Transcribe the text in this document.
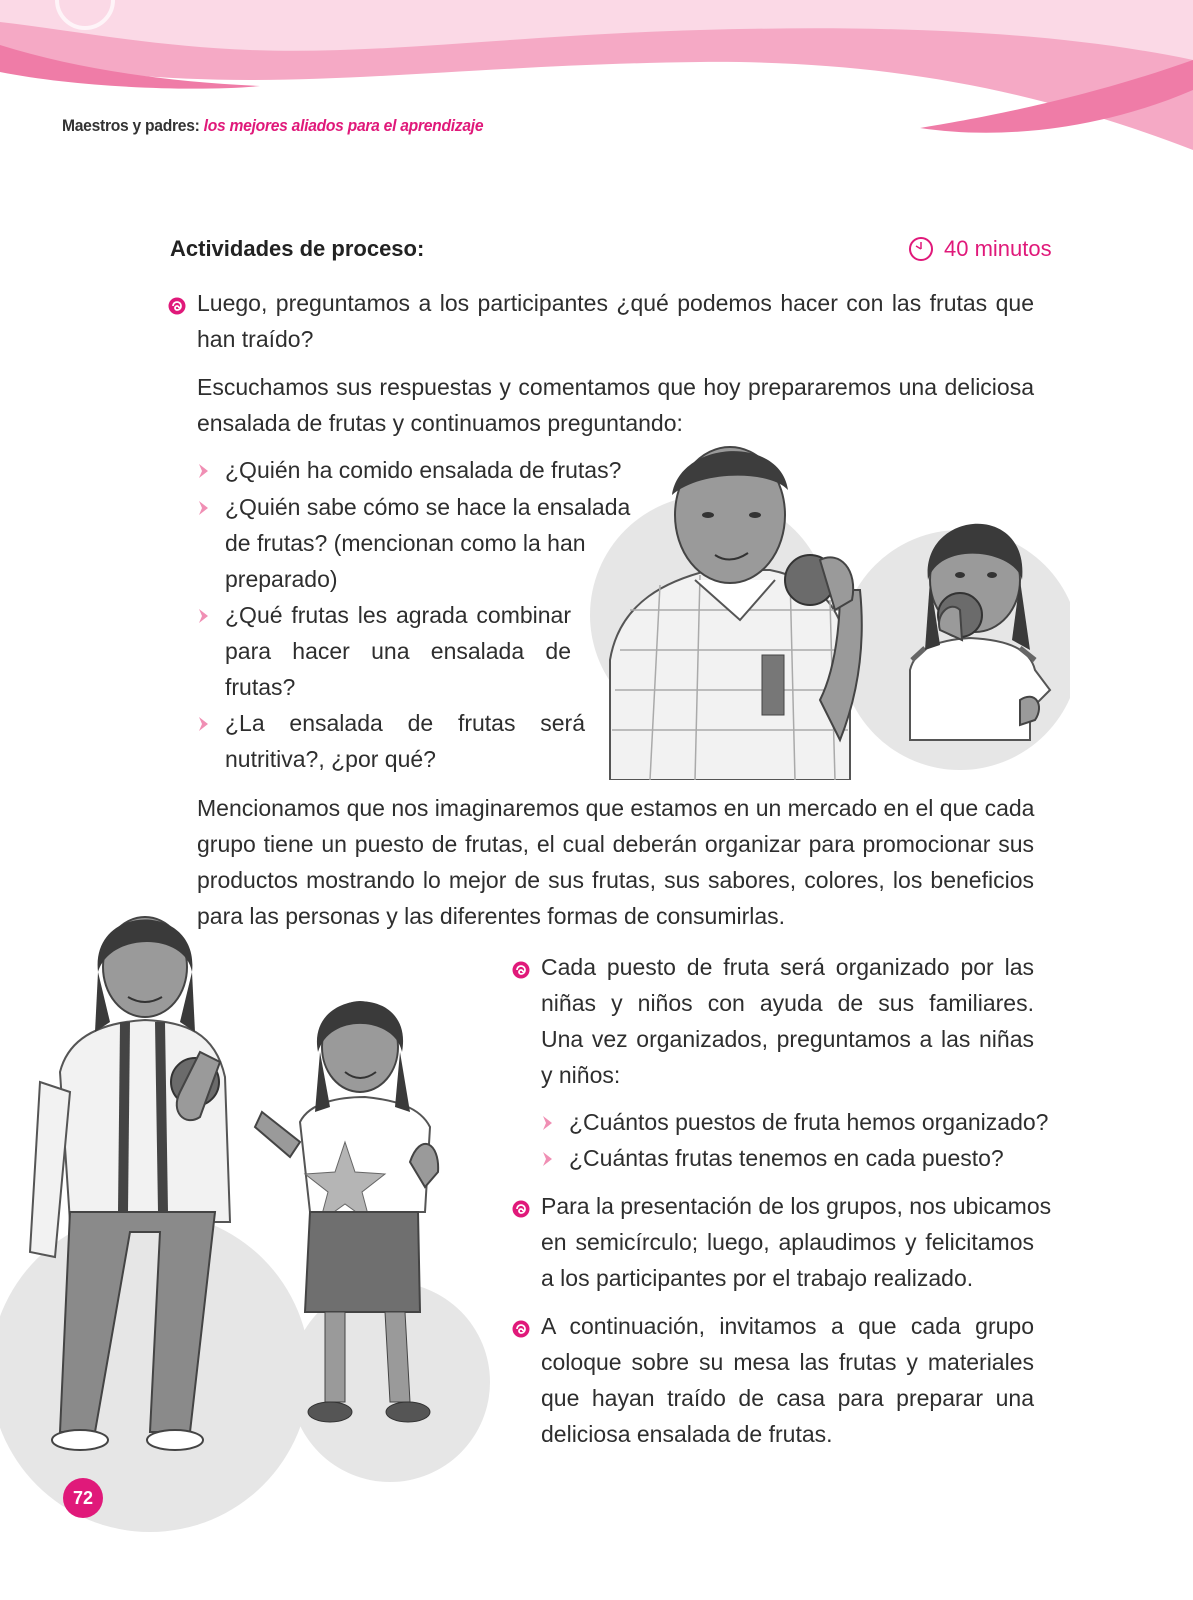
Maestros y padres: los mejores aliados para el aprendizaje
Actividades de proceso:	40 minutos
Luego, preguntamos a los participantes ¿qué podemos hacer con las frutas que
han traído?
Escuchamos sus respuestas y comentamos que hoy prepararemos una deliciosa
ensalada de frutas y continuamos preguntando:
¿Quién ha comido ensalada de frutas?
¿Quién sabe cómo se hace la ensalada
de frutas? (mencionan como la han
preparado)
¿Qué frutas les agrada combinar
para hacer una ensalada de
frutas?
¿La ensalada de frutas será
nutritiva?, ¿por qué?
Mencionamos que nos imaginaremos que estamos en un mercado en el que cada
grupo tiene un puesto de frutas, el cual deberán organizar para promocionar sus
productos mostrando lo mejor de sus frutas, sus sabores, colores, los beneficios
para las personas y las diferentes formas de consumirlas.
Cada puesto de fruta será organizado por las
niñas y niños con ayuda de sus familiares.
Una vez organizados, preguntamos a las niñas
y niños:
¿Cuántos puestos de fruta hemos organizado?
¿Cuántas frutas tenemos en cada puesto?
Para la presentación de los grupos, nos ubicamos
en semicírculo; luego, aplaudimos y felicitamos
a los participantes por el trabajo realizado.
A continuación, invitamos a que cada grupo
coloque sobre su mesa las frutas y materiales
que hayan traído de casa para preparar una
deliciosa ensalada de frutas.
72
